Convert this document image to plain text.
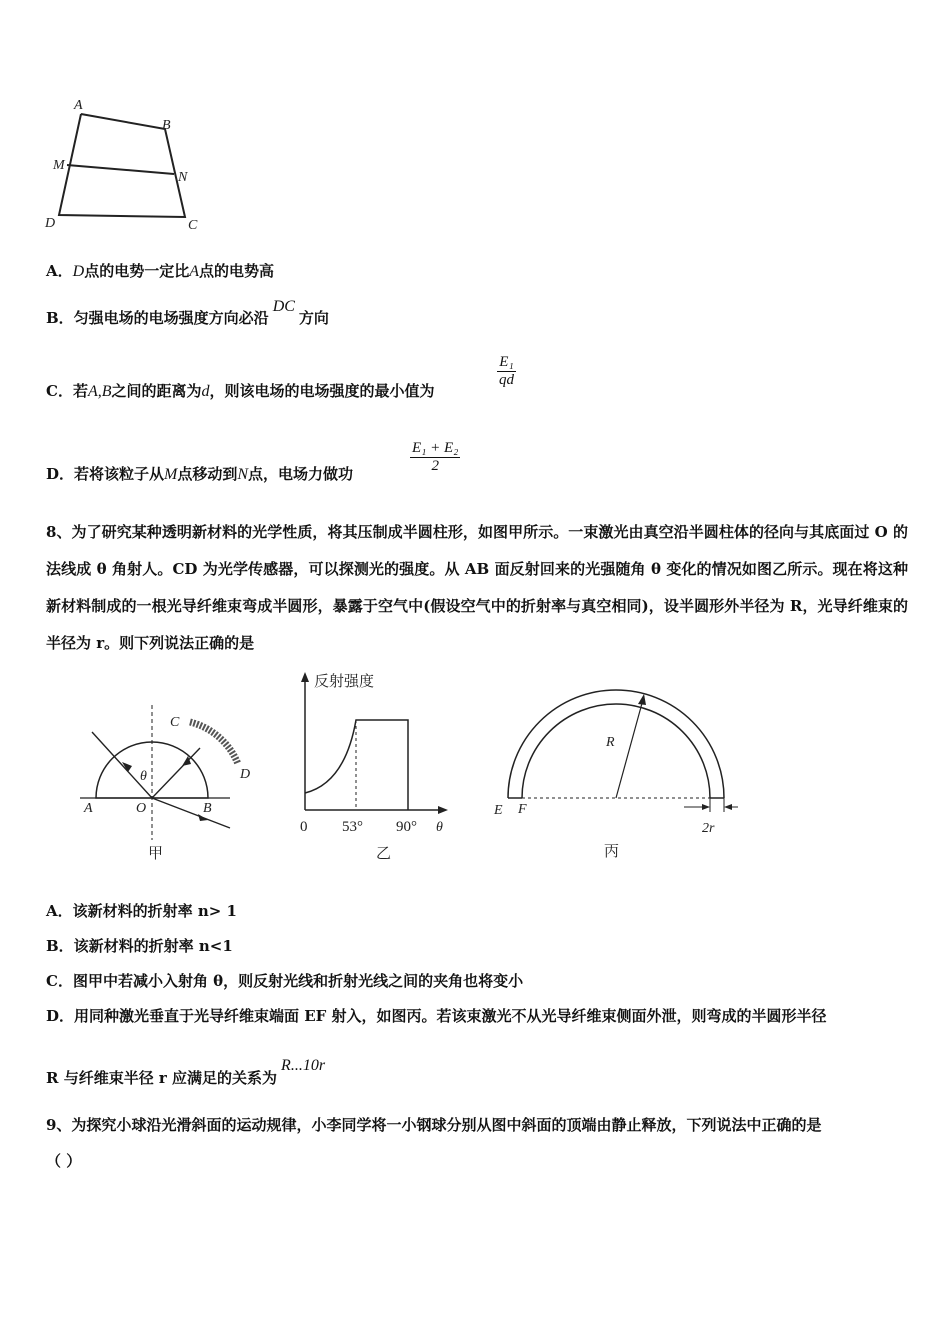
A
B
M
N
D	C
A．D点的电势一定比A点的电势高
B．匀强电场的电场强度方向必沿DC方向
C．若A,B之间的距离为d，则该电场的电场强度的最小值为
$\frac{\text{E₁}}{qd}$
D．若将该粒子从M点移动到N点，电场力做功	$\frac{\text{E₁ + E₂}}{2}$
8、为了研究某种透明新材料的光学性质，将其压制成半圆柱形，如图甲所示。一束激光由真空沿半圆柱体的径向与其底面过 O 的法线成 θ 角射人。CD 为光学传感器，可以探测光的强度。从 AB 面反射回来的光强随角 θ 变化的情况如图乙所示。现在将这种新材料制成的一根光导纤维束弯成半圆形，暴露于空气中(假设空气中的折射率与真空相同)，设半圆形外半径为 R，光导纤维束的半径为 r。则下列说法正确的是
A	O	B
C
D
θ
甲
反射强度
0 53° 90° θ
乙
R
E F
2r
丙
A．该新材料的折射率 n> 1
B．该新材料的折射率 n<1
C．图甲中若减小入射角 θ，则反射光线和折射光线之间的夹角也将变小
D．用同种激光垂直于光导纤维束端面 EF 射入，如图丙。若该束激光不从光导纤维束侧面外泄，则弯成的半圆形半径
R 与纤维束半径 r 应满足的关系为R...10r
9、为探究小球沿光滑斜面的运动规律，小李同学将一小钢球分别从图中斜面的顶端由静止释放，下列说法中正确的是
（ ）
